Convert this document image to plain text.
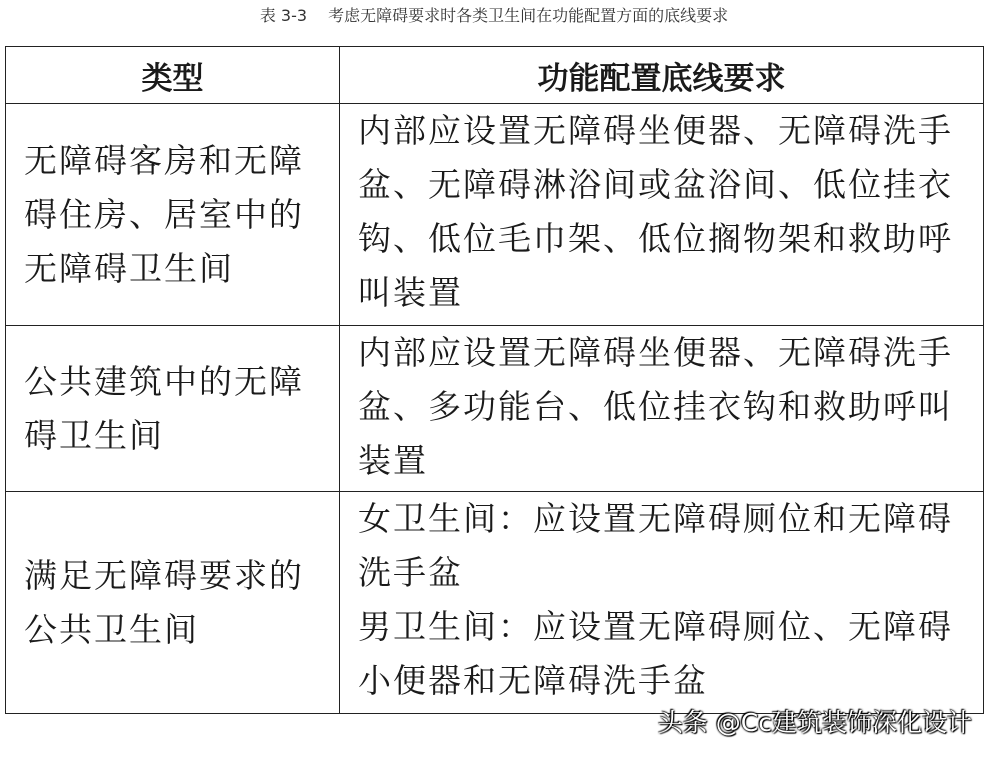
表 3-3　 考虑无障碍要求时各类卫生间在功能配置方面的底线要求
类型	功能配置底线要求

无障碍客房和无障
碍住房、居室中的
无障碍卫生间	内部应设置无障碍坐便器、无障碍洗手
盆、无障碍淋浴间或盆浴间、低位挂衣
钩、低位毛巾架、低位搁物架和救助呼
叫装置

公共建筑中的无障
碍卫生间	内部应设置无障碍坐便器、无障碍洗手
盆、多功能台、低位挂衣钩和救助呼叫
装置

满足无障碍要求的
公共卫生间	女卫生间：应设置无障碍厕位和无障碍
洗手盆
男卫生间：应设置无障碍厕位、无障碍
小便器和无障碍洗手盆
头条 @Cc建筑装饰深化设计
